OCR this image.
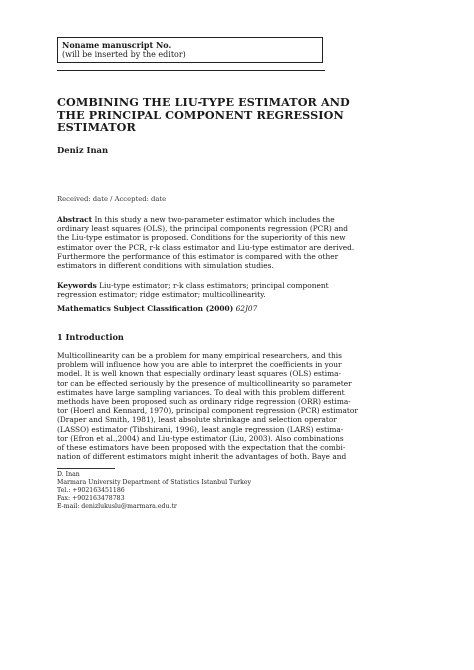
Noname manuscript No.
(will be inserted by the editor)
COMBINING THE LIU-TYPE ESTIMATOR AND
THE PRINCIPAL COMPONENT REGRESSION
ESTIMATOR
Deniz Inan
Received: date / Accepted: date
Abstract In this study a new two-parameter estimator which includes the
ordinary least squares (OLS), the principal components regression (PCR) and
the Liu-type estimator is proposed. Conditions for the superiority of this new
estimator over the PCR, r-k class estimator and Liu-type estimator are derived.
Furthermore the performance of this estimator is compared with the other
estimators in different conditions with simulation studies.
Keywords Liu-type estimator; r-k class estimators; principal component
regression estimator; ridge estimator; multicollinearity.
Mathematics Subject Classification (2000) 62J07
1 Introduction
Multicollinearity can be a problem for many empirical researchers, and this
problem will influence how you are able to interpret the coefficients in your
model. It is well known that especially ordinary least squares (OLS) estima-
tor can be effected seriously by the presence of multicollinearity so parameter
estimates have large sampling variances. To deal with this problem different
methods have been proposed such as ordinary ridge regression (ORR) estima-
tor (Hoerl and Kennard, 1970), principal component regression (PCR) estimator
(Draper and Smith, 1981), least absolute shrinkage and selection operator
(LASSO) estimator (Tibshirani, 1996), least angle regression (LARS) estima-
tor (Efron et al.,2004) and Liu-type estimator (Liu, 2003). Also combinations
of these estimators have been proposed with the expectation that the combi-
nation of different estimators might inherit the advantages of both. Baye and
D. Inan
Marmara University Department of Statistics Istanbul Turkey
Tel.: +902163451186
Fax: +902163478783
E-mail: denizlukuslu@marmara.edu.tr
